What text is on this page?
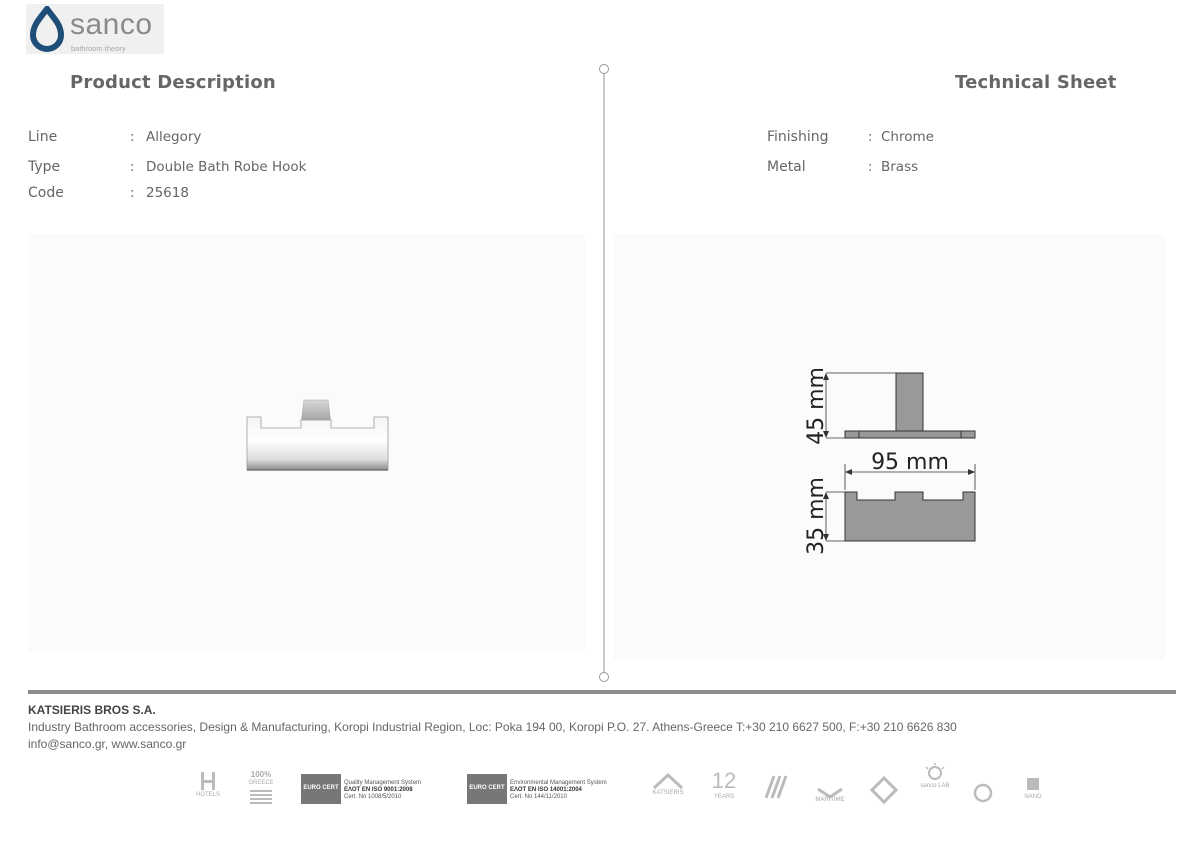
sanco
bathroom theory
Product Description	Technical Sheet
Line	: Allegory
Type	: Double Bath Robe Hook
Code	: 25618
Finishing	: Chrome
Metal	: Brass
45 mm
95 mm
35 mm
KATSIERIS BROS S.A.
Industry Bathroom accessories, Design & Manufacturing, Koropi Industrial Region, Loc: Poka 194 00, Koropi P.O. 27. Athens-Greece T:+30 210 6627 500, F:+30 210 6626 830
info@sanco.gr, www.sanco.gr
HOTELS
100%
GREECE
EURO CERT
Quality Management System
ΕΛΟΤ EN ISO 9001:2008
Cert. No 1008/5/2010
EURO CERT
Environmental Management System
ΕΛΟΤ EN ISO 14001:2004
Cert. No 144/11/2010
KATSIERIS 12
YEARS	MARITIME
sanco LAB
NANO
